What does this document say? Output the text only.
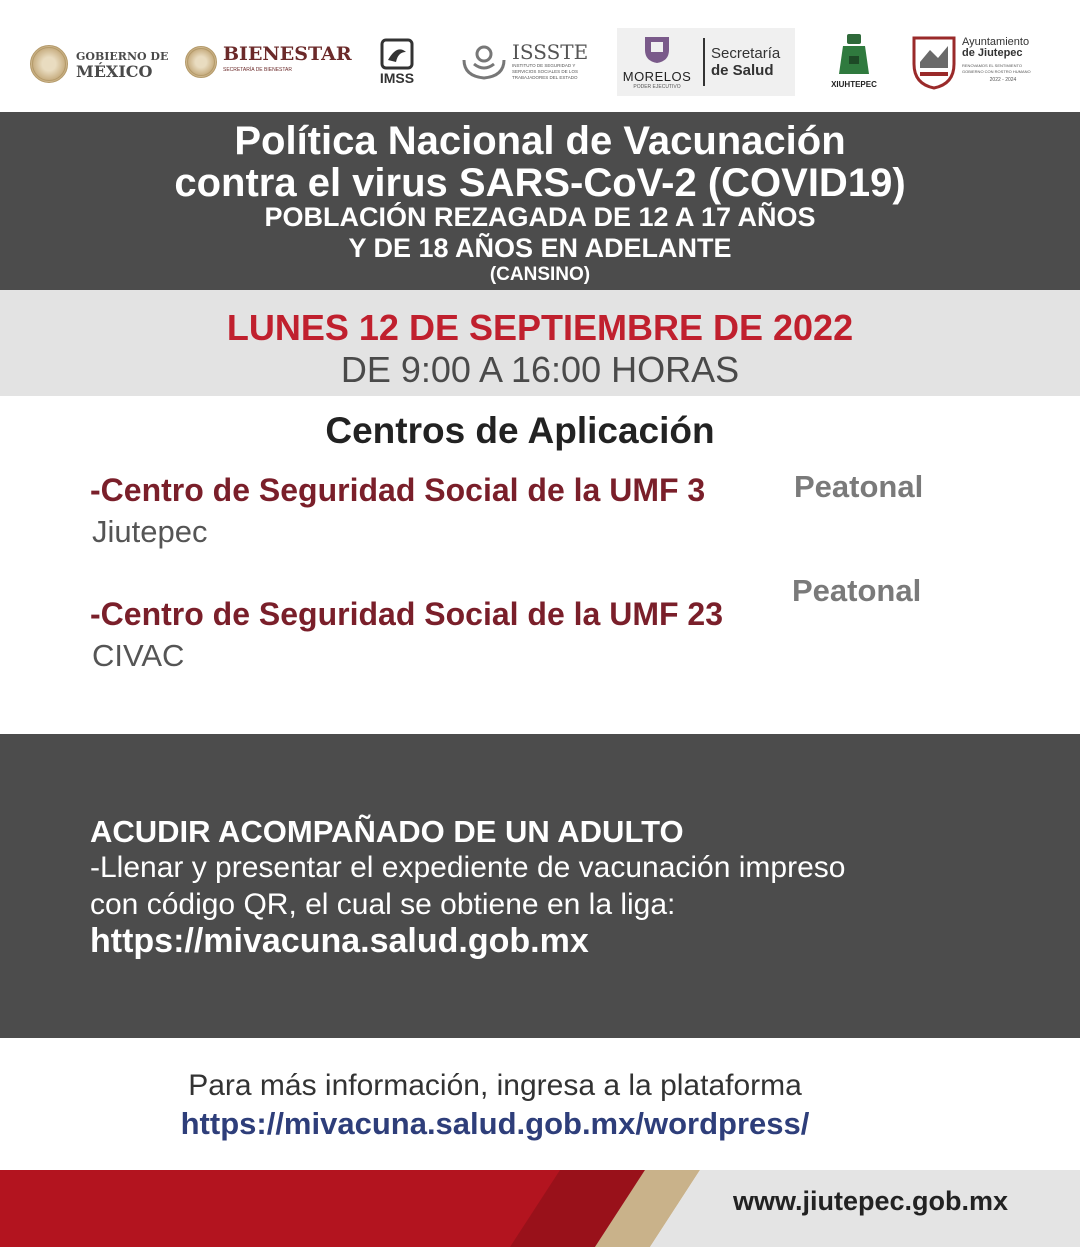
GOBIERNO DE
MÉXICO
BIENESTAR
SECRETARÍA DE BIENESTAR	IMSS
ISSSTE
INSTITUTO DE SEGURIDAD Y SERVICIOS SOCIALES DE LOS TRABAJADORES DEL ESTADO	MORELOS
PODER EJECUTIVO
Secretaría
de Salud
XIUHTEPEC
Ayuntamiento
de Jiutepec
RENOVAMOS EL SENTIMIENTO GOBIERNO CON ROSTRO HUMANO
2022 - 2024
Política Nacional de Vacunación
contra el virus SARS-CoV-2 (COVID19)
POBLACIÓN REZAGADA DE 12 A 17 AÑOS
Y DE 18 AÑOS EN ADELANTE
(CANSINO)
LUNES 12 DE SEPTIEMBRE DE 2022
DE 9:00 A 16:00 HORAS
Centros de Aplicación
-Centro de Seguridad Social de la UMF 3
Jiutepec
Peatonal
-Centro de Seguridad Social de la UMF 23
CIVAC
Peatonal
ACUDIR ACOMPAÑADO DE UN ADULTO
-Llenar y presentar el expediente de vacunación impreso
con código QR, el cual se obtiene en la liga:
https://mivacuna.salud.gob.mx
Para más información, ingresa a la plataforma
https://mivacuna.salud.gob.mx/wordpress/
www.jiutepec.gob.mx
